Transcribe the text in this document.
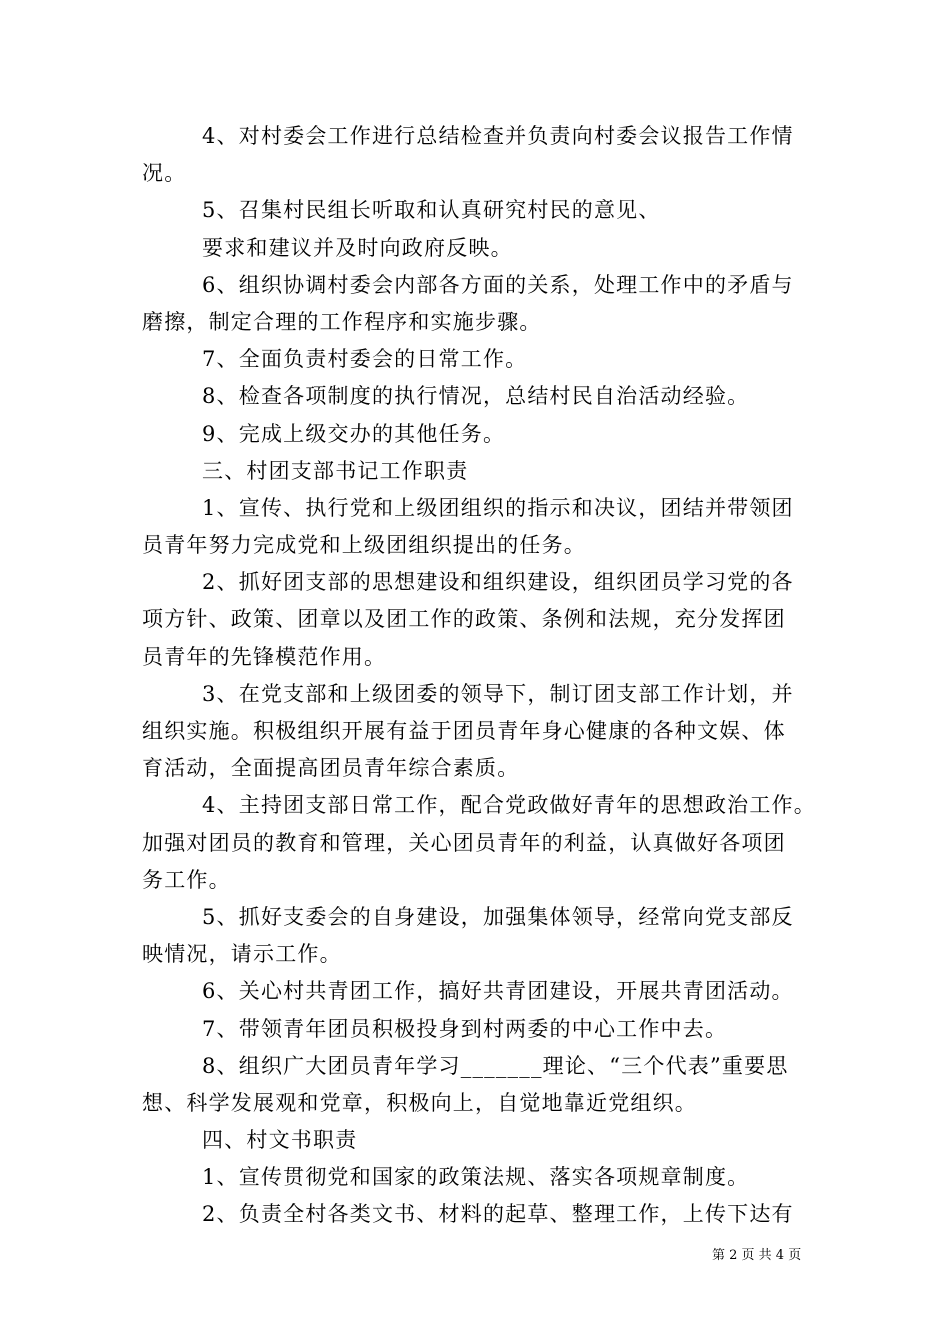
4、对村委会工作进行总结检查并负责向村委会议报告工作情
况。
5、召集村民组长听取和认真研究村民的意见、
要求和建议并及时向政府反映。
6、组织协调村委会内部各方面的关系，处理工作中的矛盾与
磨擦，制定合理的工作程序和实施步骤。
7、全面负责村委会的日常工作。
8、检查各项制度的执行情况，总结村民自治活动经验。
9、完成上级交办的其他任务。
三、村团支部书记工作职责
1、宣传、执行党和上级团组织的指示和决议，团结并带领团
员青年努力完成党和上级团组织提出的任务。
2、抓好团支部的思想建设和组织建设，组织团员学习党的各
项方针、政策、团章以及团工作的政策、条例和法规，充分发挥团
员青年的先锋模范作用。
3、在党支部和上级团委的领导下，制订团支部工作计划，并
组织实施。积极组织开展有益于团员青年身心健康的各种文娱、体
育活动，全面提高团员青年综合素质。
4、主持团支部日常工作，配合党政做好青年的思想政治工作。
加强对团员的教育和管理，关心团员青年的利益，认真做好各项团
务工作。
5、抓好支委会的自身建设，加强集体领导，经常向党支部反
映情况，请示工作。
6、关心村共青团工作，搞好共青团建设，开展共青团活动。
7、带领青年团员积极投身到村两委的中心工作中去。
8、组织广大团员青年学习_______理论、“三个代表”重要思
想、科学发展观和党章，积极向上，自觉地靠近党组织。
四、村文书职责
1、宣传贯彻党和国家的政策法规、落实各项规章制度。
2、负责全村各类文书、材料的起草、整理工作，上传下达有
第 2 页 共 4 页
